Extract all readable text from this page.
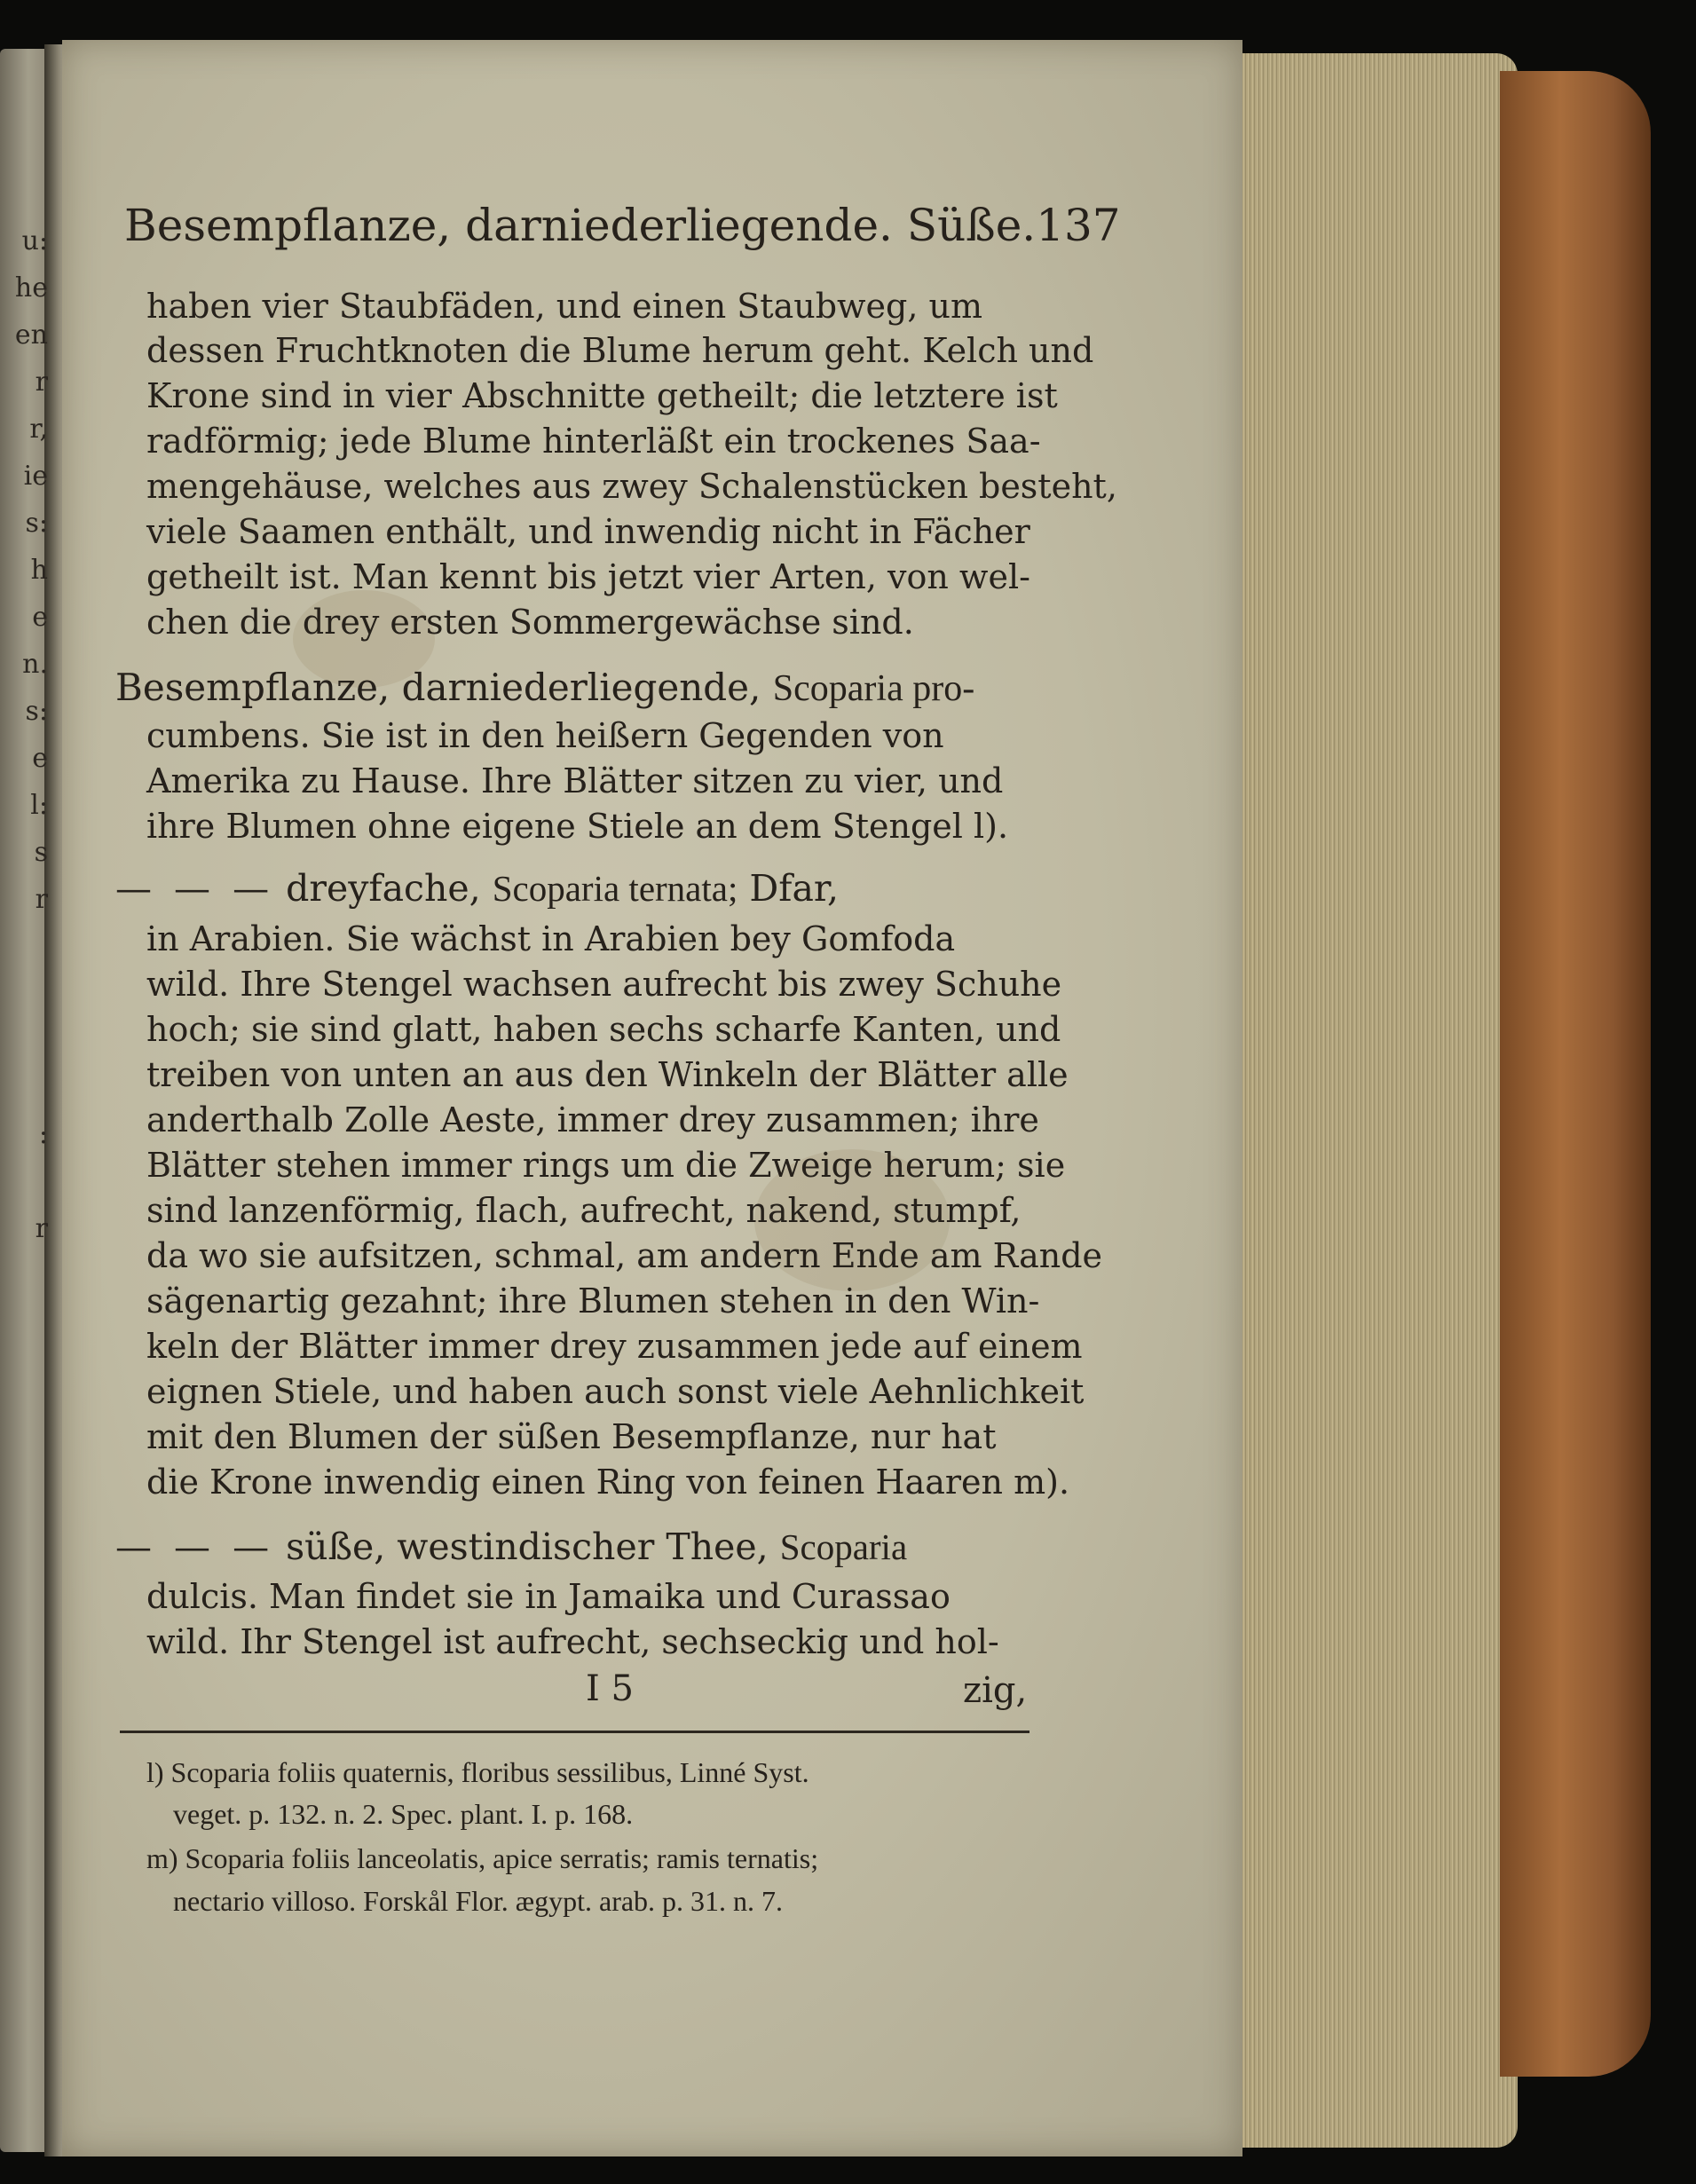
u:
he
en
r
r,
ie
s:
h
e
n.
s:
e
l:
s
r
:
r
Besempflanze, darniederliegende. Süße. 137
haben vier Staubfäden, und einen Staubweg, um
dessen Fruchtknoten die Blume herum geht. Kelch und
Krone sind in vier Abschnitte getheilt; die letztere ist
radförmig; jede Blume hinterläßt ein trockenes Saa-
mengehäuse, welches aus zwey Schalenstücken besteht,
viele Saamen enthält, und inwendig nicht in Fächer
getheilt ist. Man kennt bis jetzt vier Arten, von wel-
chen die drey ersten Sommergewächse sind.
Besempflanze, darniederliegende, Scoparia pro-
cumbens. Sie ist in den heißern Gegenden von
Amerika zu Hause. Ihre Blätter sitzen zu vier, und
ihre Blumen ohne eigene Stiele an dem Stengel l).
— — — dreyfache, Scoparia ternata; Dfar,
in Arabien. Sie wächst in Arabien bey Gomfoda
wild. Ihre Stengel wachsen aufrecht bis zwey Schuhe
hoch; sie sind glatt, haben sechs scharfe Kanten, und
treiben von unten an aus den Winkeln der Blätter alle
anderthalb Zolle Aeste, immer drey zusammen; ihre
Blätter stehen immer rings um die Zweige herum; sie
sind lanzenförmig, flach, aufrecht, nakend, stumpf,
da wo sie aufsitzen, schmal, am andern Ende am Rande
sägenartig gezahnt; ihre Blumen stehen in den Win-
keln der Blätter immer drey zusammen jede auf einem
eignen Stiele, und haben auch sonst viele Aehnlichkeit
mit den Blumen der süßen Besempflanze, nur hat
die Krone inwendig einen Ring von feinen Haaren m).
— — — süße, westindischer Thee, Scoparia
dulcis. Man findet sie in Jamaika und Curassao
wild. Ihr Stengel ist aufrecht, sechseckig und hol-
I 5	zig,
l) Scoparia foliis quaternis, floribus sessilibus, Linné Syst.
veget. p. 132. n. 2. Spec. plant. I. p. 168.
m) Scoparia foliis lanceolatis, apice serratis; ramis ternatis;
nectario villoso. Forskål Flor. ægypt. arab. p. 31. n. 7.
